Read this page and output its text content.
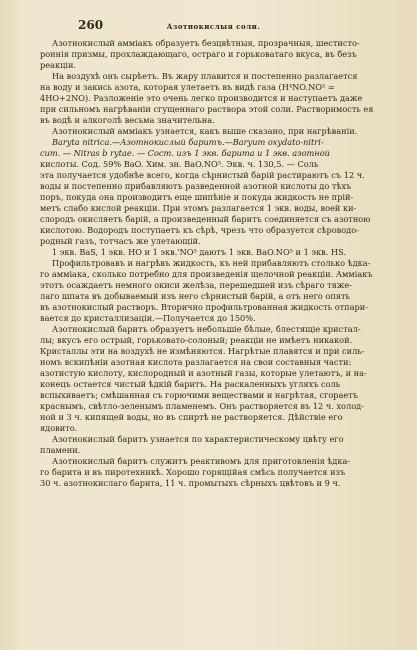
260	Азотнокислыя соли.
Азотнокислый аммiакъ образуетъ безцвѣтныя, прозрачныя, шестисто-
роннiя призмы, прохлаждающаго, остраго и горьковатаго вкуса, въ безъ
реакцiи.
На воздухѣ онъ сырѣетъ. Въ жару плавится и постепенно разлагается
на воду и закись азота, которая улетаетъ въ видѣ газа (H⁴NO.NO⁵ =
4HO+2NO). Разложенiе это очень легко производится и наступаетъ даже
при сильномъ нагрѣванiи сгущеннаго раствора этой соли. Растворимость ея
въ водѣ и алкоголѣ весьма значительна.
Азотнокислый аммiакъ узнается, какъ выше сказано, при нагрѣванiи.
Baryta nitrica.—Азотнокислый баритъ.—Baryum oxydato-nitri-
cum. — Nitras b rytae. — Сост. изъ 1 экв. барита и 1 экв. азотной
кислоты. Сод. 59% BaO. Хим. зн. BaO.NO⁵. Экв. ч. 130,5. — Соль
эта получается удобнѣе всего, когда сѣрнистый барiй растираютъ съ 12 ч.
воды и постепенно прибавляютъ разведенной азотной кислоты до тѣхъ
поръ, покуда она производитъ еще шипѣнiе и покуда жидкость не прiй-
метъ слабо кислой реакцiи. При этомъ разлагается 1 экв. воды, воей ки-
слородъ окисляетъ барiй, а произведенный баритъ соединяется съ азотною
кислотою. Водородъ поступаетъ къ сѣрѣ, чрезъ что образуется сѣроводо-
родный газъ, тотчасъ же улетающiй.
1 экв. BaS, 1 экв. HO и 1 экв.'NO⁵ даютъ 1 экв. BaO.NO⁵ и 1 экв. HS.
Профильтровавъ и нагрѣвъ жидкость, къ ней прибавляютъ столько ѣдка-
го аммiака, сколько потребно для произведенiя щелочной реакцiи. Аммiакъ
этотъ осаждаетъ немного окиси желѣза, перешедшей изъ сѣраго тяже-
лаго шпата въ добываемый изъ него сѣрнистый барiй, а отъ него опять
въ азотнокислый растворъ. Вторично профильтрованная жидкость отпари-
вается до кристаллизацiи.—Получается до 150%.
Азотнокислый баритъ образуетъ небольшiе бѣлые, блестящiе кристал-
лы; вкусъ его острый, горьковато-солоный; реакцiи не имѣетъ никакой.
Кристаллы эти на воздухѣ не измѣняются. Нагрѣтые плавятся и при силь-
номъ вскипѣнiи азотная кислота разлагается на свои составныя части:
азотистую кислоту, кислородный и азотный газы, которые улетаютъ, и на-
конецъ остается чистый ѣдкiй баритъ. На раскаленныхъ угляхъ соль
вспыхиваетъ; смѣшанная съ горючими веществами и нагрѣтая, сгораетъ
краснымъ, свѣтло-зеленымъ пламенемъ. Онъ растворяется въ 12 ч. холод-
ной и 3 ч. кипящей воды, но въ спиртѣ не растворяется. Дѣйствiе его
ядовито.
Азотнокислый баритъ узнается по характеристическому цвѣту его
пламени.
Азотнокислый баритъ служитъ реактивомъ для приготовленiя ѣдка-
го барита и въ пиротехникѣ. Хорошо горящiйая смѣсь получается изъ
30 ч. азотнокислаго барита, 11 ч. промытыхъ сѣрныхъ цвѣтовъ и 9 ч.
